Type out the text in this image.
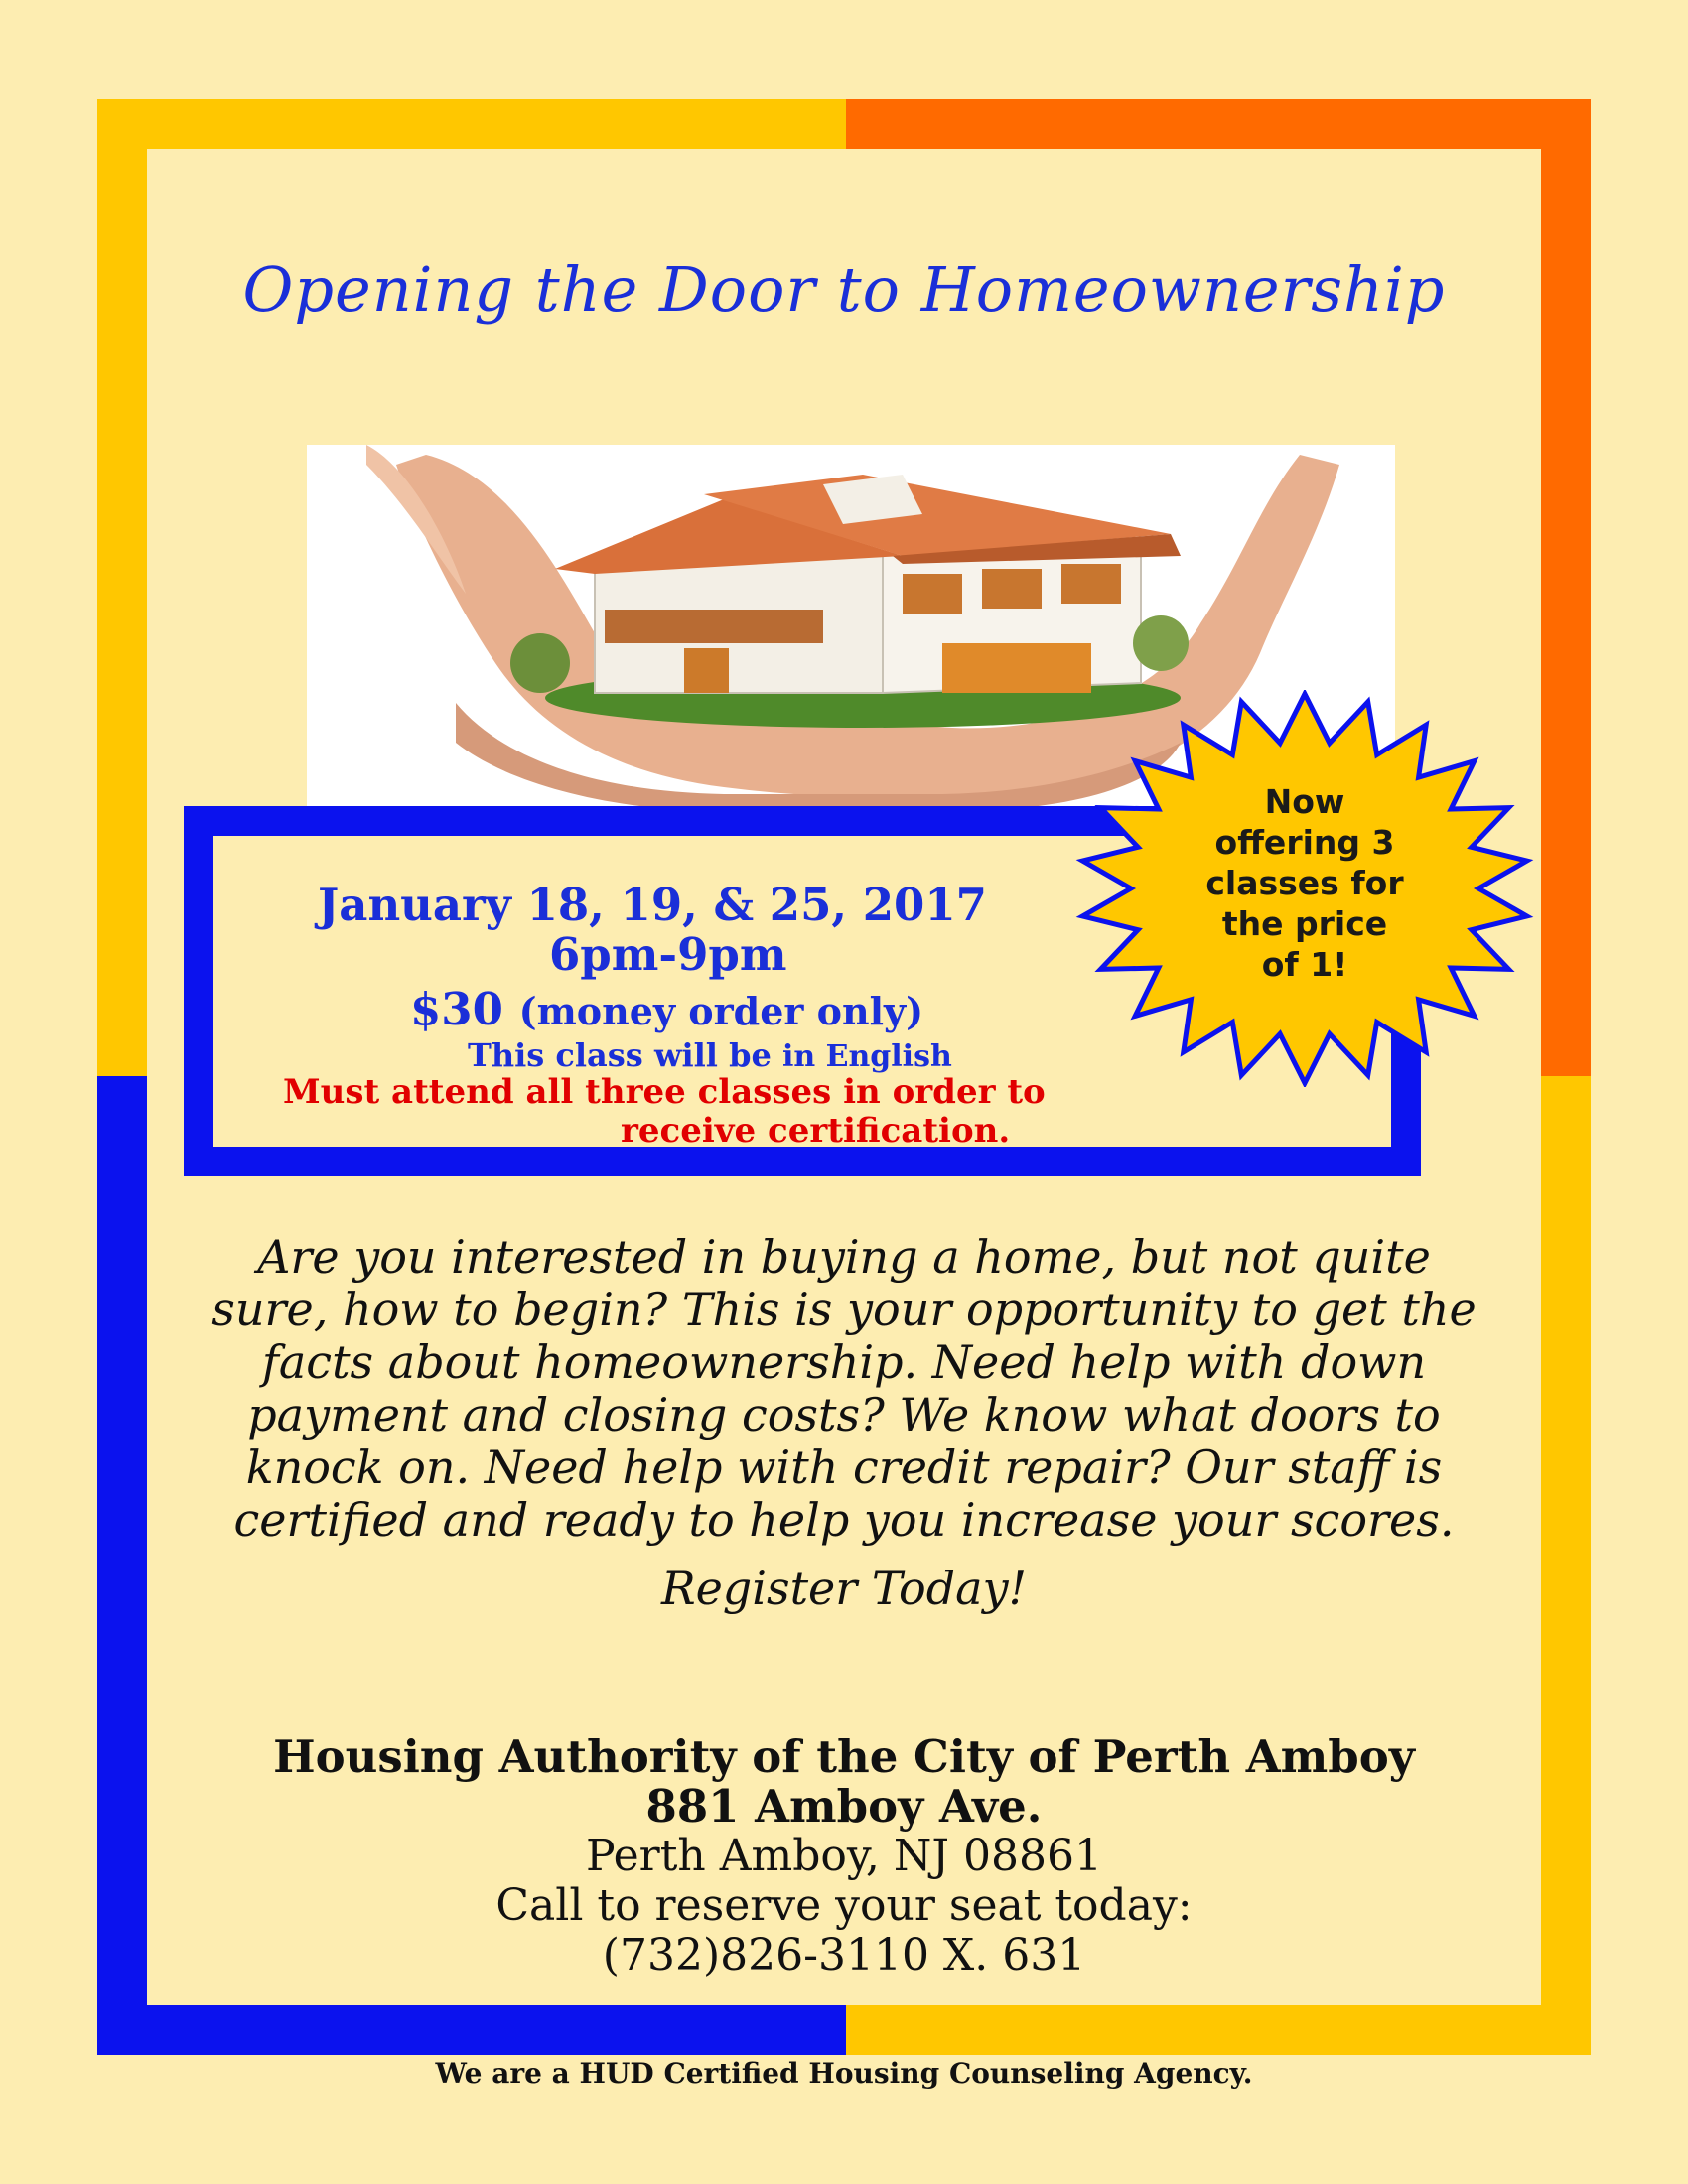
Opening the Door to Homeownership
January 18, 19, & 25, 2017
6pm-9pm
$30 (money order only)
This class will be in English
Must attend all three classes in order to
receive certification.
Now
offering 3
classes for
the price
of 1!
Are you interested in buying a home, but not quite
sure, how to begin? This is your opportunity to get the
facts about homeownership. Need help with down
payment and closing costs? We know what doors to
knock on. Need help with credit repair? Our staff is
certified and ready to help you increase your scores.
Register Today!
Housing Authority of the City of Perth Amboy
881 Amboy Ave.
Perth Amboy, NJ 08861
Call to reserve your seat today:
(732)826-3110 X. 631
We are a HUD Certified Housing Counseling Agency.
